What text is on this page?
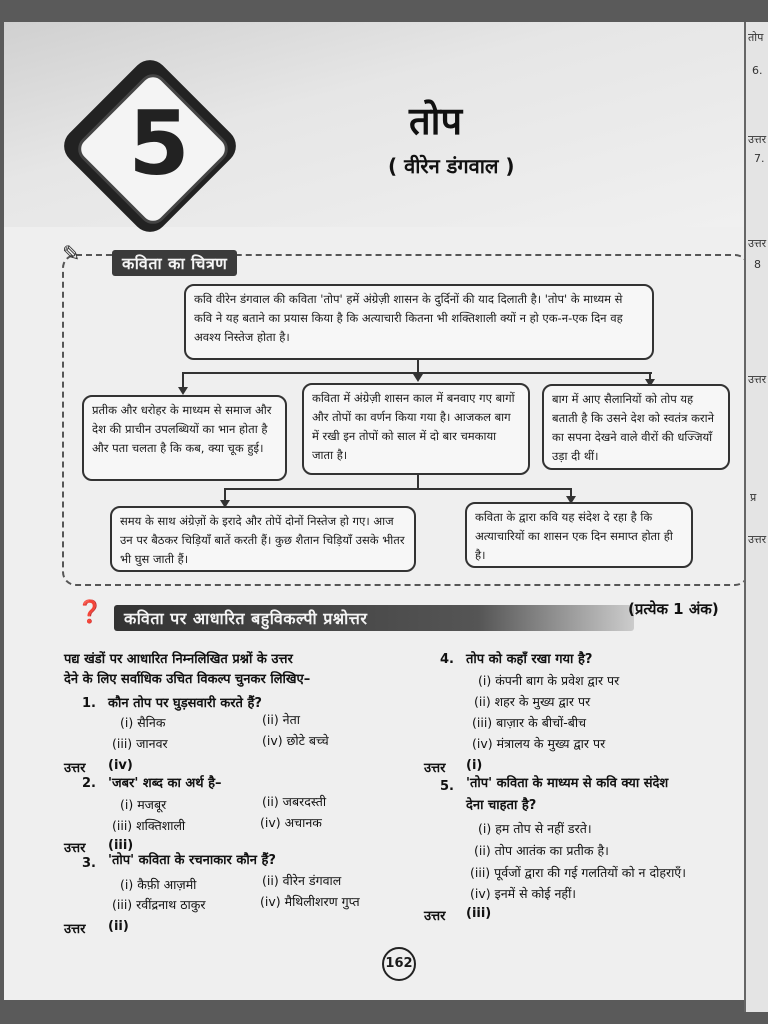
5	तोप
( वीरेन डंगवाल )
✎	कविता का चित्रण
कवि वीरेन डंगवाल की कविता 'तोप' हमें अंग्रेज़ी शासन के दुर्दिनों की याद दिलाती है। 'तोप' के माध्यम से कवि ने यह बताने का प्रयास किया है कि अत्याचारी कितना भी शक्तिशाली क्यों न हो एक-न-एक दिन वह अवश्य निस्तेज होता है।
प्रतीक और धरोहर के माध्यम से समाज और देश की प्राचीन उपलब्धियों का भान होता है और पता चलता है कि कब, क्या चूक हुई।
कविता में अंग्रेज़ी शासन काल में बनवाए गए बागों और तोपों का वर्णन किया गया है। आजकल बाग में रखी इन तोपों को साल में दो बार चमकाया जाता है।
बाग में आए सैलानियों को तोप यह बताती है कि उसने देश को स्वतंत्र कराने का सपना देखने वाले वीरों की धज्जियाँ उड़ा दी थीं।
समय के साथ अंग्रेज़ों के इरादे और तोपें दोनों निस्तेज हो गए। आज उन पर बैठकर चिड़ियाँ बातें करती हैं। कुछ शैतान चिड़ियाँ उसके भीतर भी घुस जाती हैं।
कविता के द्वारा कवि यह संदेश दे रहा है कि अत्याचारियों का शासन एक दिन समाप्त होता ही है।
❓	कविता पर आधारित बहुविकल्पी प्रश्नोत्तर	(प्रत्येक 1 अंक)
पद्य खंडों पर आधारित निम्नलिखित प्रश्नों के उत्तर
देने के लिए सर्वाधिक उचित विकल्प चुनकर लिखिए–
1. कौन तोप पर घुड़सवारी करते हैं?
(i) सैनिक	(ii) नेता
(iii) जानवर	(iv) छोटे बच्चे
उत्तर (iv)
2. 'जबर' शब्द का अर्थ है–
(i) मजबूर	(ii) जबरदस्ती
(iii) शक्तिशाली	(iv) अचानक
उत्तर (iii)
3. 'तोप' कविता के रचनाकार कौन हैं?
(i) कैफ़ी आज़मी	(ii) वीरेन डंगवाल
(iii) रवींद्रनाथ ठाकुर	(iv) मैथिलीशरण गुप्त
उत्तर (ii)
4. तोप को कहाँ रखा गया है?
(i) कंपनी बाग के प्रवेश द्वार पर
(ii) शहर के मुख्य द्वार पर
(iii) बाज़ार के बीचों-बीच
(iv) मंत्रालय के मुख्य द्वार पर
उत्तर (i)
5. 'तोप' कविता के माध्यम से कवि क्या संदेश
देना चाहता है?
(i) हम तोप से नहीं डरते।
(ii) तोप आतंक का प्रतीक है।
(iii) पूर्वजों द्वारा की गई गलतियों को न दोहराएँ।
(iv) इनमें से कोई नहीं।
उत्तर (iii)
162
तोप
6.
उत्तर
7.
उत्तर
8
उत्तर
प्र
उत्तर
